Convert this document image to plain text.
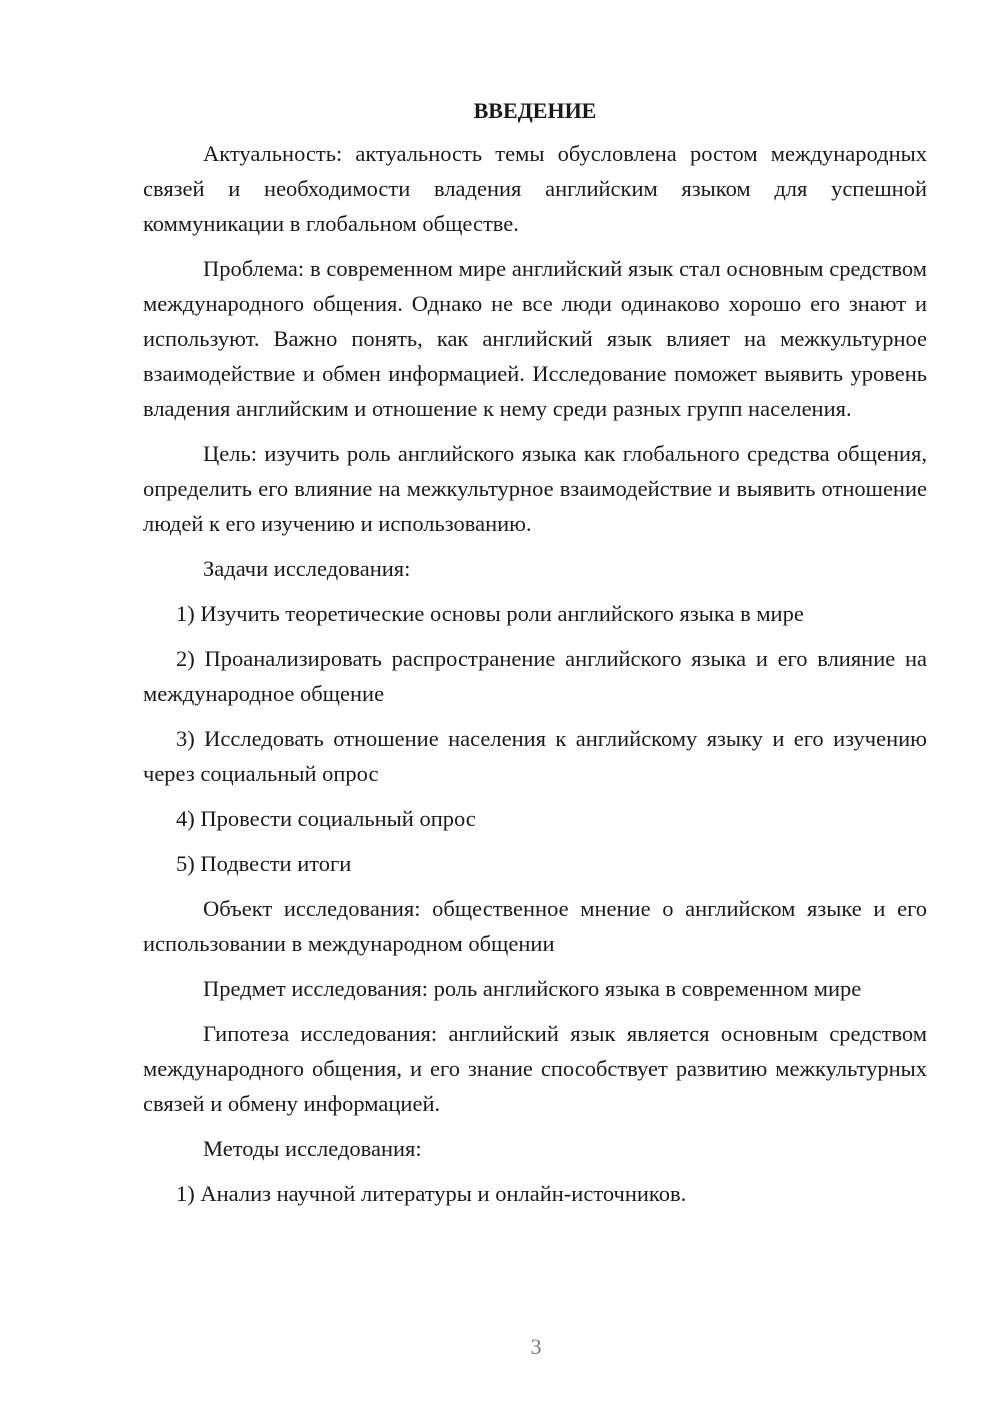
ВВЕДЕНИЕ

Актуальность: актуальность темы обусловлена ростом международных связей и необходимости владения английским языком для успешной коммуникации в глобальном обществе.

Проблема: в современном мире английский язык стал основным средством международного общения. Однако не все люди одинаково хорошо его знают и используют. Важно понять, как английский язык влияет на межкультурное взаимодействие и обмен информацией. Исследование поможет выявить уровень владения английским и отношение к нему среди разных групп населения.

Цель: изучить роль английского языка как глобального средства общения, определить его влияние на межкультурное взаимодействие и выявить отношение людей к его изучению и использованию.

Задачи исследования:

1) Изучить теоретические основы роли английского языка в мире

2) Проанализировать распространение английского языка и его влияние на международное общение

3) Исследовать отношение населения к английскому языку и его изучению через социальный опрос

4) Провести социальный опрос

5) Подвести итоги

Объект исследования: общественное мнение о английском языке и его использовании в международном общении

Предмет исследования: роль английского языка в современном мире

Гипотеза исследования: английский язык является основным средством международного общения, и его знание способствует развитию межкультурных связей и обмену информацией.

Методы исследования:

1) Анализ научной литературы и онлайн-источников.

3
